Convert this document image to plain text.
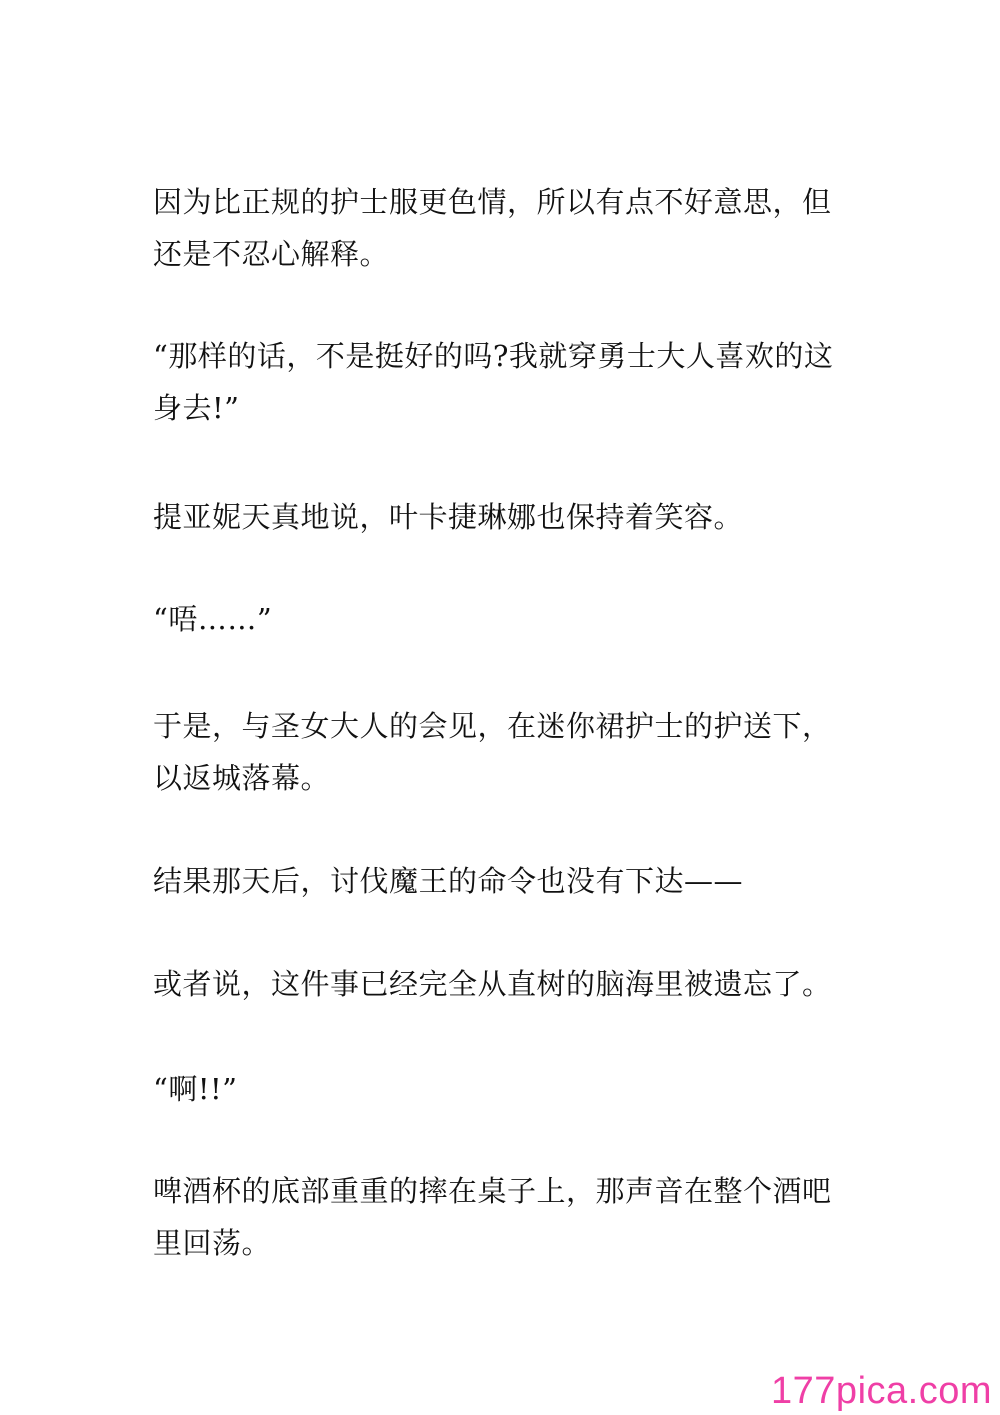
因为比正规的护士服更色情，所以有点不好意思，但
还是不忍心解释。

“那样的话，不是挺好的吗?我就穿勇士大人喜欢的这
身去!”

提亚妮天真地说，叶卡捷琳娜也保持着笑容。

“唔……”

于是，与圣女大人的会见，在迷你裙护士的护送下，
以返城落幕。

结果那天后，讨伐魔王的命令也没有下达——

或者说，这件事已经完全从直树的脑海里被遗忘了。

“啊!!”

啤酒杯的底部重重的摔在桌子上，那声音在整个酒吧
里回荡。

177pica.com
